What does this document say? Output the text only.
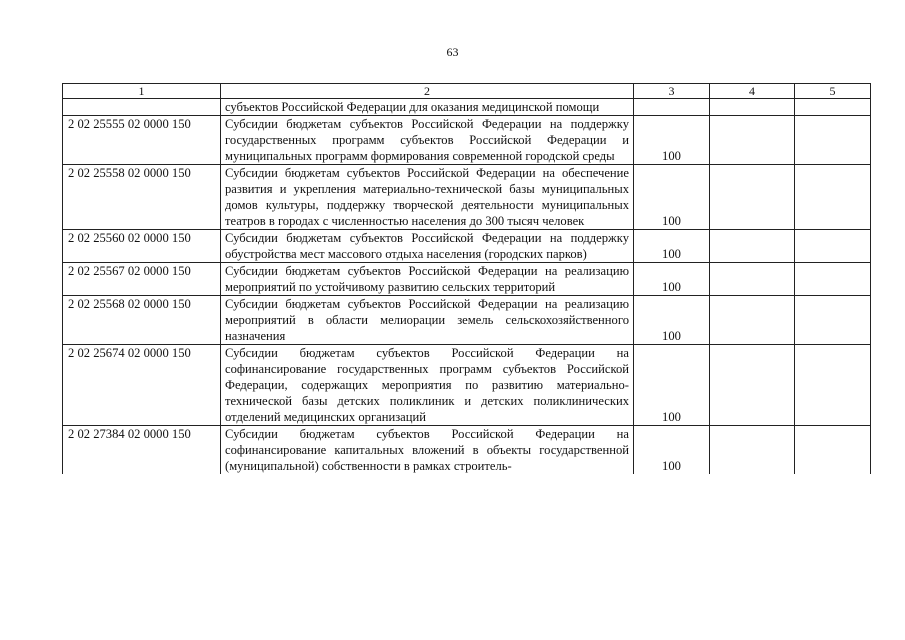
63
1	2	3	4	5
	субъектов Российской Федерации для оказания медицинской помощи			
2 02 25555 02 0000 150	Субсидии бюджетам субъектов Российской Федерации на поддержку государственных программ субъектов Российской Федерации и муниципальных программ формирования современной городской среды	100		
2 02 25558 02 0000 150	Субсидии бюджетам субъектов Российской Федерации на обеспечение развития и укрепления материально-технической базы муниципальных домов культуры, поддержку творческой деятельности муниципальных театров в городах с численностью населения до 300 тысяч человек	100		
2 02 25560 02 0000 150	Субсидии бюджетам субъектов Российской Федерации на поддержку обустройства мест массового отдыха населения (городских парков)	100		
2 02 25567 02 0000 150	Субсидии бюджетам субъектов Российской Федерации на реализацию мероприятий по устойчивому развитию сельских территорий	100		
2 02 25568 02 0000 150	Субсидии бюджетам субъектов Российской Федерации на реализацию мероприятий в области мелиорации земель сельскохозяйственного назначения	100		
2 02 25674 02 0000 150	Субсидии бюджетам субъектов Российской Федерации на софинансирование государственных программ субъектов Российской Федерации, содержащих мероприятия по развитию материально-технической базы детских поликлиник и детских поликлинических отделений медицинских организаций	100		
2 02 27384 02 0000 150	Субсидии бюджетам субъектов Российской Федерации на софинансирование капитальных вложений в объекты государственной (муниципальной) собственности в рамках строитель-	100		
